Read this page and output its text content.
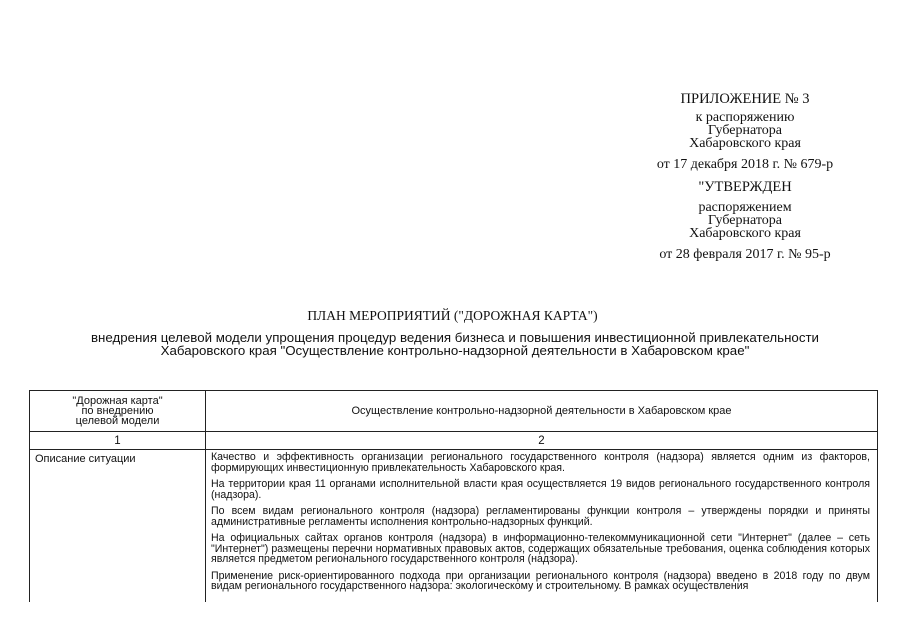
ПРИЛОЖЕНИЕ № 3
к распоряжению
Губернатора
Хабаровского края
от 17 декабря 2018 г. № 679-р
"УТВЕРЖДЕН
распоряжением
Губернатора
Хабаровского края
от 28 февраля 2017 г. № 95-р
ПЛАН МЕРОПРИЯТИЙ ("ДОРОЖНАЯ КАРТА")
внедрения целевой модели упрощения процедур ведения бизнеса и повышения инвестиционной привлекательности
Хабаровского края "Осуществление контрольно-надзорной деятельности в Хабаровском крае"
"Дорожная карта"
по внедрению
целевой модели	Осуществление контрольно-надзорной деятельности в Хабаровском крае
1	2
Описание ситуации	Качество и эффективность организации регионального государственного контроля (надзора) является одним из факторов, формирующих инвестиционную привлекательность Хабаровского края.

На территории края 11 органами исполнительной власти края осуществляется 19 видов регионального государственного контроля (надзора).

По всем видам регионального контроля (надзора) регламентированы функции контроля – утверждены порядки и приняты административные регламенты исполнения контрольно-надзорных функций.

На официальных сайтах органов контроля (надзора) в информационно-телекоммуникационной сети "Интернет" (далее – сеть "Интернет") размещены перечни нормативных правовых актов, содержащих обязательные требования, оценка соблюдения которых является предметом регионального государственного контроля (надзора).

Применение риск-ориентированного подхода при организации регионального контроля (надзора) введено в 2018 году по двум видам регионального государственного надзора: экологическому и строительному. В рамках осуществления
